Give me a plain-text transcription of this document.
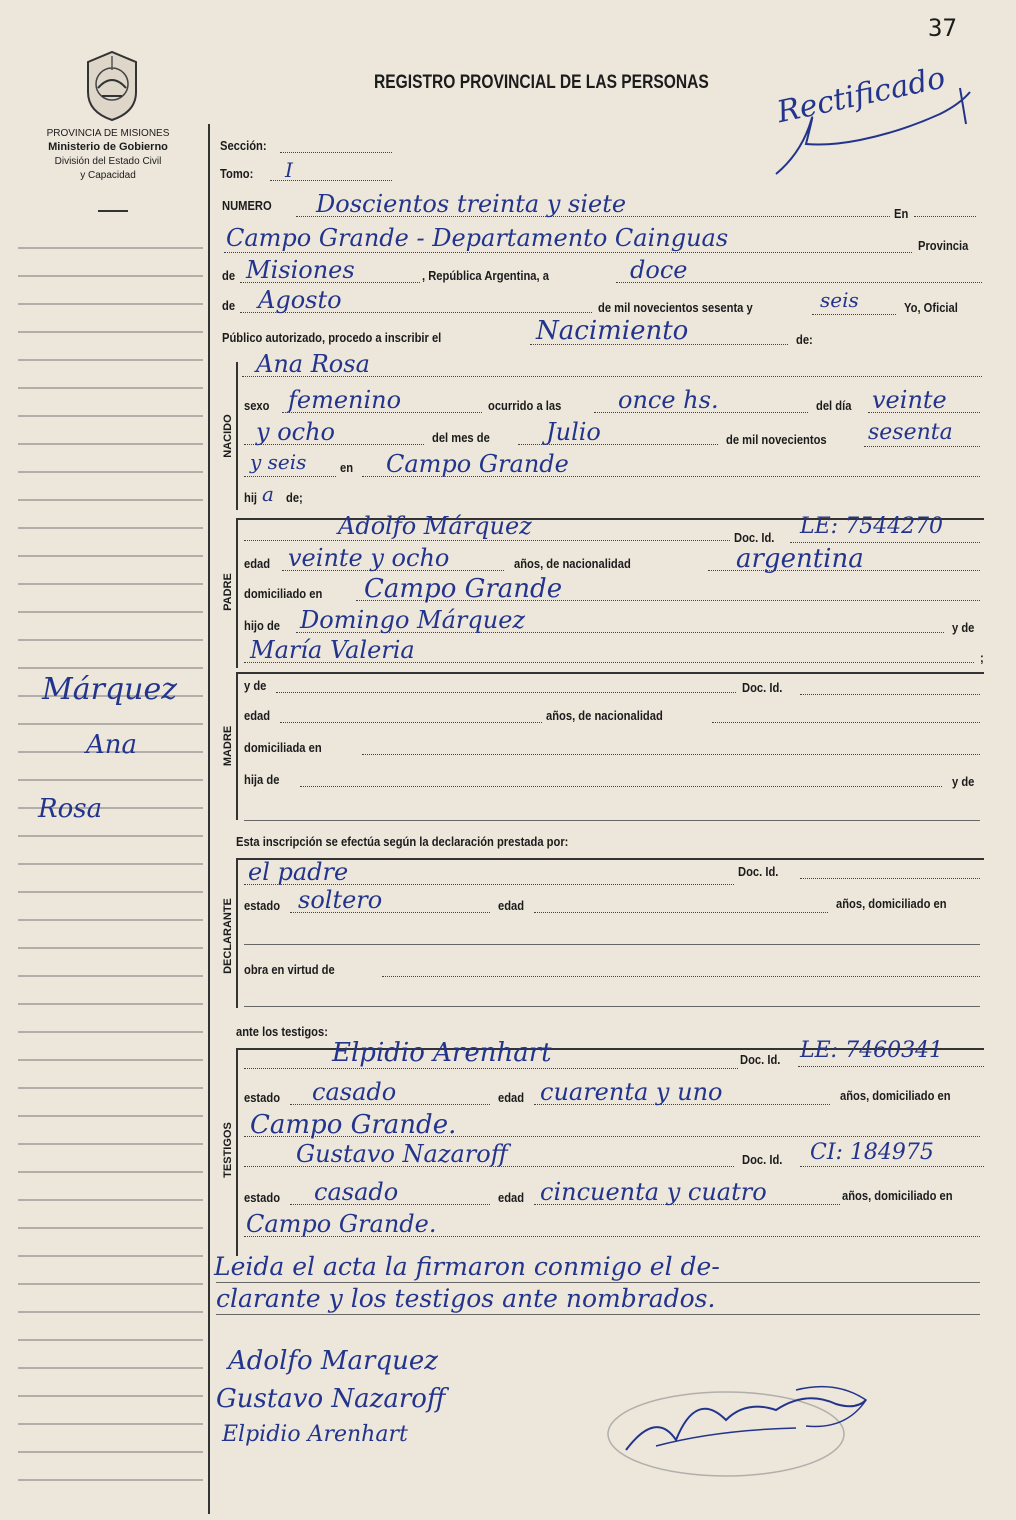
37
PROVINCIA DE MISIONES
Ministerio de Gobierno
División del Estado Civil
y Capacidad
Márquez
Ana
Rosa
REGISTRO PROVINCIAL DE LAS PERSONAS Rectificado
Sección:
Tomo: I
NUMERO Doscientos treinta y siete	En
Campo Grande - Departamento Cainguas	Provincia
de Misiones	, República Argentina, a	doce
de Agosto	de mil novecientos sesenta y	seis	Yo, Oficial
Público autorizado, procedo a inscribir el	Nacimiento	de:
NACIDO
Ana Rosa
sexo femenino	ocurrido a las once hs.	del día veinte
y ocho	del mes de Julio	de mil novecientos sesenta
y seis	en Campo Grande
hij a de;
PADRE
Adolfo Márquez	Doc. Id. LE: 7544270
edad veinte y ocho	años, de nacionalidad	argentina
domiciliado en Campo Grande
hijo de Domingo Márquez	y de
María Valeria	;
MADRE
y de	Doc. Id.
edad	años, de nacionalidad
domiciliada en
hija de	y de
Esta inscripción se efectúa según la declaración prestada por:
DECLARANTE
el padre	Doc. Id.
estado soltero	edad	años, domiciliado en
obra en virtud de
ante los testigos:
TESTIGOS
Elpidio Arenhart	Doc. Id. LE: 7460341
estado casado	edad cuarenta y uno	años, domiciliado en
Campo Grande.
Gustavo Nazaroff	Doc. Id. CI: 184975
estado casado	edad cincuenta y cuatro	años, domiciliado en
Campo Grande.
Leida el acta la firmaron conmigo el de-
clarante y los testigos ante nombrados.
Adolfo Marquez
Gustavo Nazaroff
Elpidio Arenhart
